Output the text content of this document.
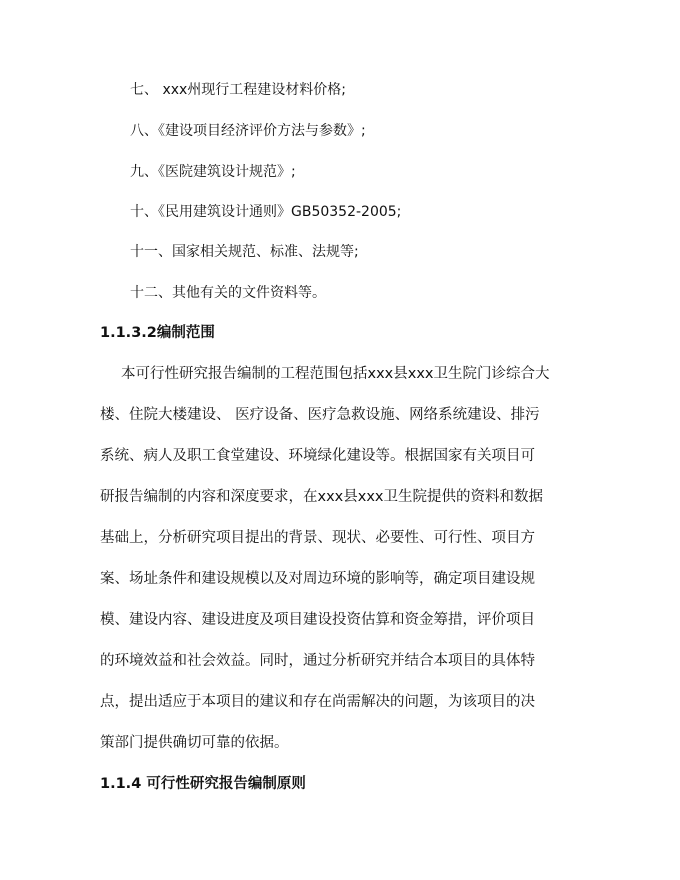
七、 xxx州现行工程建设材料价格;
八、《建设项目经济评价方法与参数》;
九、《医院建筑设计规范》;
十、《民用建筑设计通则》GB50352-2005;
十一、国家相关规范、标准、法规等;
十二、其他有关的文件资料等。
1.1.3.2编制范围
本可行性研究报告编制的工程范围包括xxx县xxx卫生院门诊综合大
楼、住院大楼建设、 医疗设备、医疗急救设施、网络系统建设、排污
系统、病人及职工食堂建设、环境绿化建设等。根据国家有关项目可
研报告编制的内容和深度要求，在xxx县xxx卫生院提供的资料和数据
基础上，分析研究项目提出的背景、现状、必要性、可行性、项目方
案、场址条件和建设规模以及对周边环境的影响等，确定项目建设规
模、建设内容、建设进度及项目建设投资估算和资金筹措，评价项目
的环境效益和社会效益。同时，通过分析研究并结合本项目的具体特
点，提出适应于本项目的建议和存在尚需解决的问题，为该项目的决
策部门提供确切可靠的依据。
1.1.4 可行性研究报告编制原则
